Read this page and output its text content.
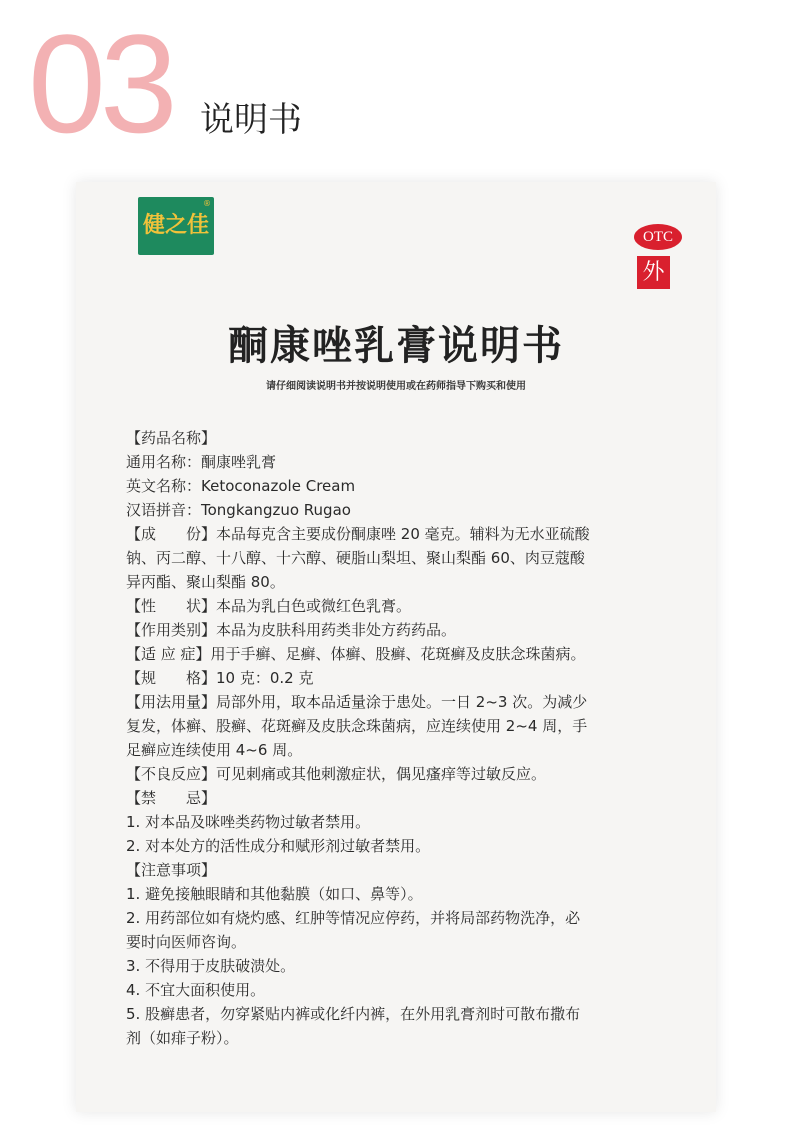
03 说明书
健之佳
®
OTC
外
酮康唑乳膏说明书
请仔细阅读说明书并按说明使用或在药师指导下购买和使用
【药品名称】
通用名称：酮康唑乳膏
英文名称：Ketoconazole Cream
汉语拼音：Tongkangzuo Rugao
【成　　份】本品每克含主要成份酮康唑 20 毫克。辅料为无水亚硫酸
钠、丙二醇、十八醇、十六醇、硬脂山梨坦、聚山梨酯 60、肉豆蔻酸
异丙酯、聚山梨酯 80。
【性　　状】本品为乳白色或微红色乳膏。
【作用类别】本品为皮肤科用药类非处方药药品。
【适 应 症】用于手癣、足癣、体癣、股癣、花斑癣及皮肤念珠菌病。
【规　　格】10 克：0.2 克
【用法用量】局部外用，取本品适量涂于患处。一日 2~3 次。为减少
复发，体癣、股癣、花斑癣及皮肤念珠菌病，应连续使用 2~4 周，手
足癣应连续使用 4~6 周。
【不良反应】可见刺痛或其他刺激症状，偶见瘙痒等过敏反应。
【禁　　忌】
1. 对本品及咪唑类药物过敏者禁用。
2. 对本处方的活性成分和赋形剂过敏者禁用。
【注意事项】
1. 避免接触眼睛和其他黏膜（如口、鼻等）。
2. 用药部位如有烧灼感、红肿等情况应停药，并将局部药物洗净，必
要时向医师咨询。
3. 不得用于皮肤破溃处。
4. 不宜大面积使用。
5. 股癣患者，勿穿紧贴内裤或化纤内裤，在外用乳膏剂时可散布撒布
剂（如痱子粉）。
